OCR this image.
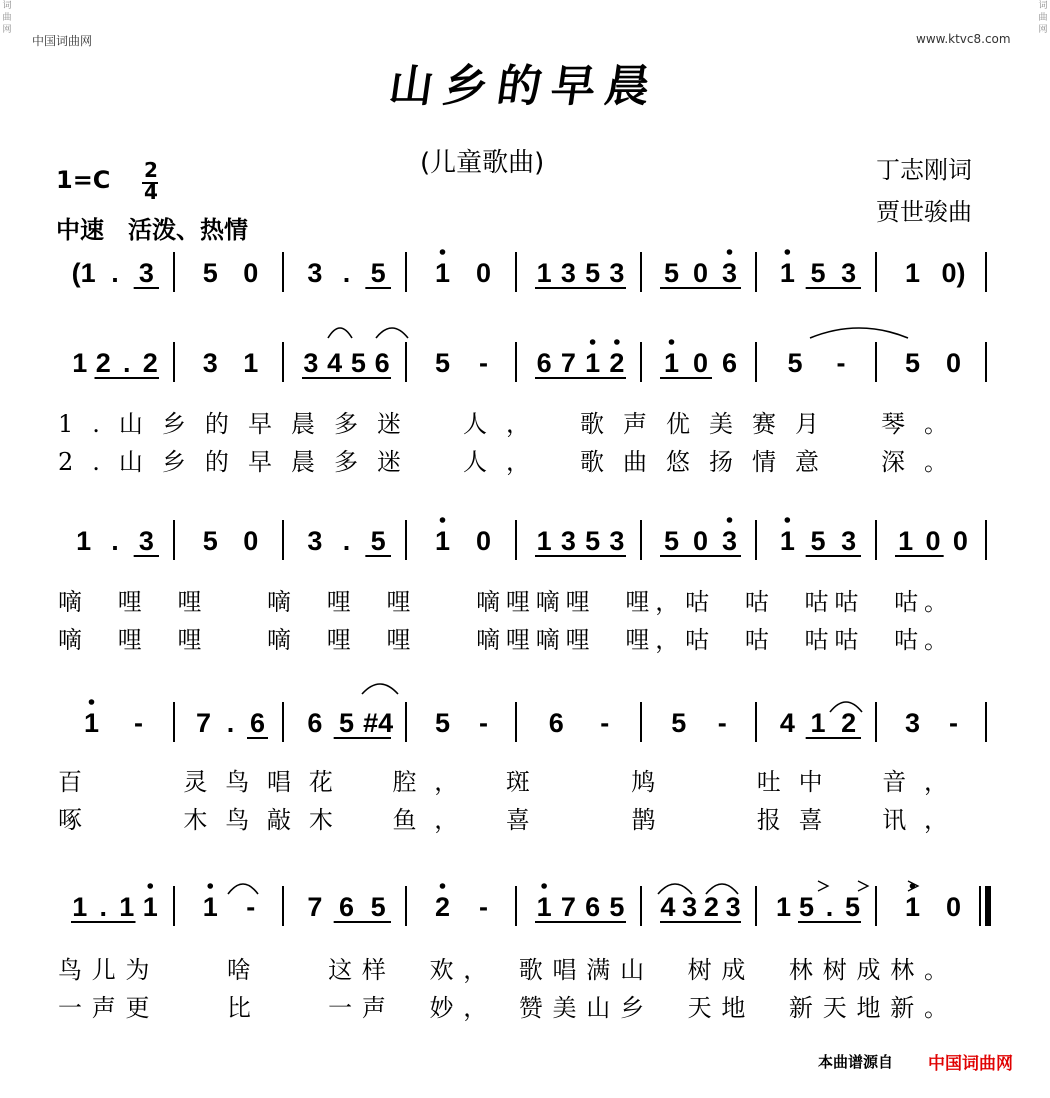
词曲网
词曲网
中国词曲网	www.ktvc8.com
山乡的早晨
(儿童歌曲)	丁志刚词
贾世骏曲
1=C 2
4
中速　活泼、热情
(1 . 3 5 0 3 . 5 1 0 1 3 5 3 5 0 3 1 5 3 1 0)
1 2 . 2 3 1 3 4 5 6 5 - 6 7 1 2 1 0 6 5 - 5 0
1.山乡的早晨多迷　人，　歌声优美赛月　琴。
2.山乡的早晨多迷　人，　歌曲悠扬情意　深。
1 . 3 5 0 3 . 5 1 0 1 3 5 3 5 0 3 1 5 3 1 0 0
嘀　哩　哩　　嘀　哩　哩　　嘀哩嘀哩　哩，咕　咕　咕咕　咕。
嘀　哩　哩　　嘀　哩　哩　　嘀哩嘀哩　哩，咕　咕　咕咕　咕。
1 - 7 . 6 6 5 #4 5 - 6 - 5 - 4 1 2 3 -
百　　灵鸟唱花　腔，　斑　　鸠　　吐中　音，
啄　　木鸟敲木　鱼，　喜　　鹊　　报喜　讯，
1 . 1 1 1 - 7 6 5 2 - 1 7 6 5 4 3 2 3 1 5 . 5 1 0
鸟儿为　　啥　　这样　欢，　歌唱满山　树成　林树成林。
一声更　　比　　一声　妙，　赞美山乡　天地　新天地新。
本曲谱源自 中国词曲网
